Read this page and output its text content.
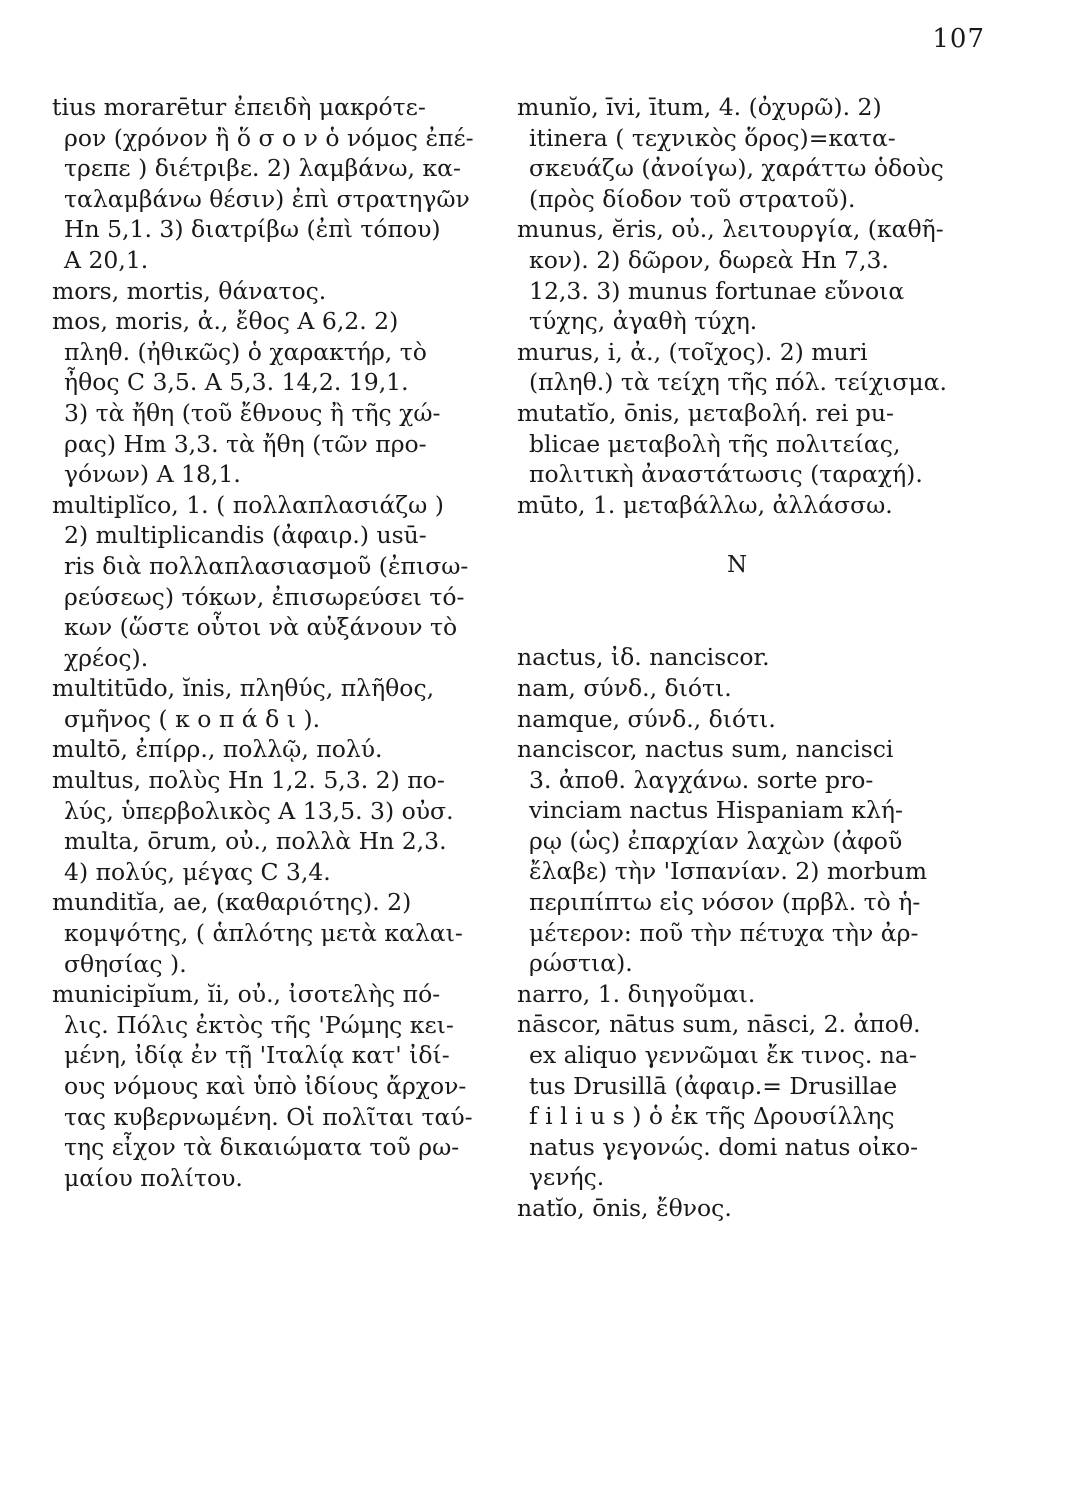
107
tius morarētur ἐπειδὴ μακρότε-
ρον (χρόνον ἢ ὅ σ ο ν ὁ νόμος ἐπέ-
τρεπε ) διέτριβε. 2) λαμβάνω, κα-
ταλαμβάνω θέσιν) ἐπὶ στρατηγῶν
Hn 5,1. 3) διατρίβω (ἐπὶ τόπου)
A 20,1.
mors, mortis, θάνατος.
mos, moris, ἀ., ἔθος A 6,2. 2)
πληθ. (ἠθικῶς) ὁ χαρακτήρ, τὸ
ἦθος C 3,5. A 5,3. 14,2. 19,1.
3) τὰ ἤθη (τοῦ ἔθνους ἢ τῆς χώ-
ρας) Hm 3,3. τὰ ἤθη (τῶν προ-
γόνων) A 18,1.
multiplĭco, 1. ( πολλαπλασιάζω )
2) multiplicandis (ἀφαιρ.) usū-
ris διὰ πολλαπλασιασμοῦ (ἐπισω-
ρεύσεως) τόκων, ἐπισωρεύσει τό-
κων (ὥστε οὗτοι νὰ αὐξάνουν τὸ
χρέος).
multitūdo, ĭnis, πληθύς, πλῆθος,
σμῆνος ( κ ο π ά δ ι ).
multō, ἐπίρρ., πολλῷ, πολύ.
multus, πολὺς Hn 1,2. 5,3. 2) πο-
λύς, ὑπερβολικὸς A 13,5. 3) οὐσ.
multa, ōrum, οὐ., πολλὰ Hn 2,3.
4) πολύς, μέγας C 3,4.
munditĭa, ae, (καθαριότης). 2)
κομψότης, ( ἁπλότης μετὰ καλαι-
σθησίας ).
municipĭum, ĭi, οὐ., ἰσοτελὴς πό-
λις. Πόλις ἐκτὸς τῆς 'Ρώμης κει-
μένη, ἰδίᾳ ἐν τῇ 'Ιταλίᾳ κατ' ἰδί-
ους νόμους καὶ ὑπὸ ἰδίους ἄρχον-
τας κυβερνωμένη. Οἱ πολῖται ταύ-
της εἶχον τὰ δικαιώματα τοῦ ρω-
μαίου πολίτου.
munĭo, īvi, ītum, 4. (ὀχυρῶ). 2)
itinera ( τεχνικὸς ὅρος)=κατα-
σκευάζω (ἀνοίγω), χαράττω ὁδοὺς
(πρὸς δίοδον τοῦ στρατοῦ).
munus, ĕris, οὐ., λειτουργία, (καθῆ-
κον). 2) δῶρον, δωρεὰ Hn 7,3.
12,3. 3) munus fortunae εὔνοια
τύχης, ἀγαθὴ τύχη.
murus, i, ἀ., (τοῖχος). 2) muri
(πληθ.) τὰ τείχη τῆς πόλ. τείχισμα.
mutatĭo, ōnis, μεταβολή. rei pu-
blicae μεταβολὴ τῆς πολιτείας,
πολιτικὴ ἀναστάτωσις (ταραχή).
mūto, 1. μεταβάλλω, ἀλλάσσω.
N
nactus, ἰδ. nanciscor.
nam, σύνδ., διότι.
namque, σύνδ., διότι.
nanciscor, nactus sum, nancisci
3. ἀποθ. λαγχάνω. sorte pro-
vinciam nactus Hispaniam κλή-
ρῳ (ὡς) ἐπαρχίαν λαχὼν (ἀφοῦ
ἔλαβε) τὴν 'Ισπανίαν. 2) morbum
περιπίπτω εἰς νόσον (πρβλ. τὸ ἡ-
μέτερον: ποῦ τὴν πέτυχα τὴν ἀρ-
ρώστια).
narro, 1. διηγοῦμαι.
nāscor, nātus sum, nāsci, 2. ἀποθ.
ex aliquo γεννῶμαι ἔκ τινος. na-
tus Drusillā (ἀφαιρ.= Drusillae
f i l i u s ) ὁ ἐκ τῆς Δρουσίλλης
natus γεγονώς. domi natus οἰκο-
γενής.
natĭo, ōnis, ἔθνος.
